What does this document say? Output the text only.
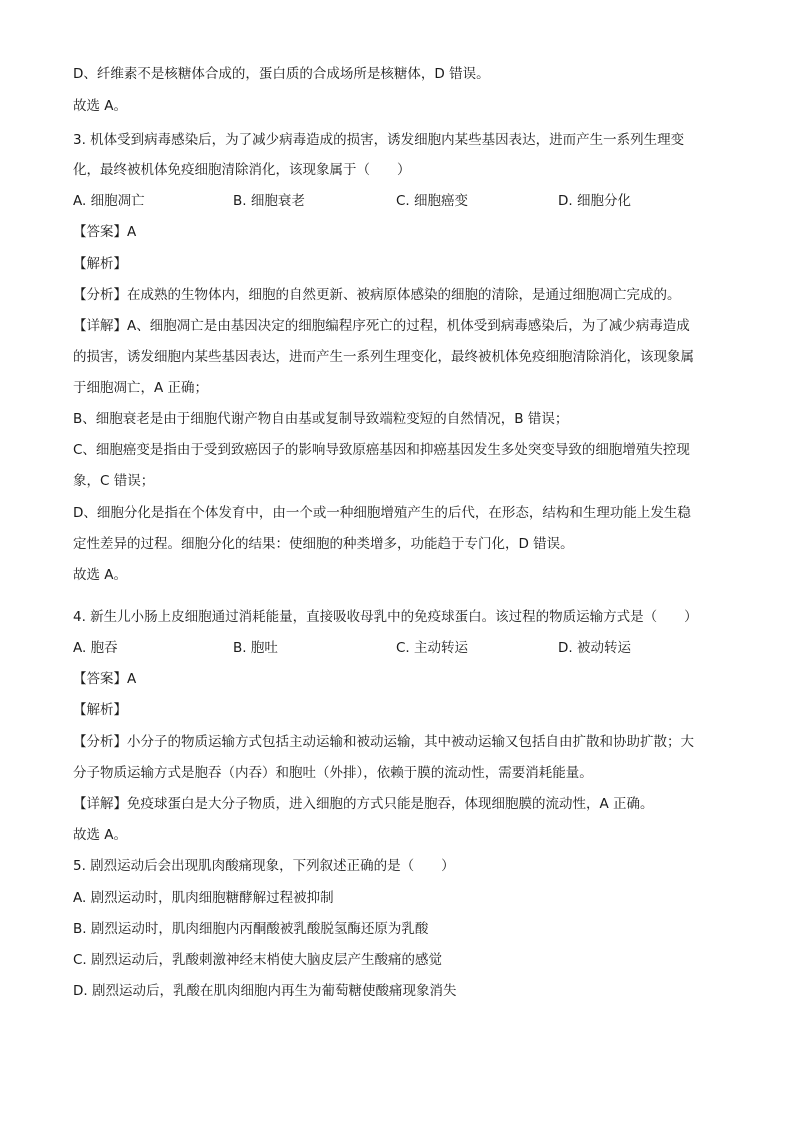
D、纤维素不是核糖体合成的，蛋白质的合成场所是核糖体，D 错误。
故选 A。
3. 机体受到病毒感染后，为了减少病毒造成的损害，诱发细胞内某些基因表达，进而产生一系列生理变
化，最终被机体免疫细胞清除消化，该现象属于（　　）
A. 细胞凋亡	B. 细胞衰老	C. 细胞癌变	D. 细胞分化
【答案】A
【解析】
【分析】在成熟的生物体内，细胞的自然更新、被病原体感染的细胞的清除，是通过细胞凋亡完成的。
【详解】A、细胞凋亡是由基因决定的细胞编程序死亡的过程，机体受到病毒感染后，为了减少病毒造成
的损害，诱发细胞内某些基因表达，进而产生一系列生理变化，最终被机体免疫细胞清除消化，该现象属
于细胞凋亡，A 正确；
B、细胞衰老是由于细胞代谢产物自由基或复制导致端粒变短的自然情况，B 错误；
C、细胞癌变是指由于受到致癌因子的影响导致原癌基因和抑癌基因发生多处突变导致的细胞增殖失控现
象，C 错误；
D、细胞分化是指在个体发育中，由一个或一种细胞增殖产生的后代，在形态，结构和生理功能上发生稳
定性差异的过程。细胞分化的结果：使细胞的种类增多，功能趋于专门化，D 错误。
故选 A。
4. 新生儿小肠上皮细胞通过消耗能量，直接吸收母乳中的免疫球蛋白。该过程的物质运输方式是（　　）
A. 胞吞	B. 胞吐	C. 主动转运	D. 被动转运
【答案】A
【解析】
【分析】小分子的物质运输方式包括主动运输和被动运输，其中被动运输又包括自由扩散和协助扩散；大
分子物质运输方式是胞吞（内吞）和胞吐（外排），依赖于膜的流动性，需要消耗能量。
【详解】免疫球蛋白是大分子物质，进入细胞的方式只能是胞吞，体现细胞膜的流动性，A 正确。
故选 A。
5. 剧烈运动后会出现肌肉酸痛现象，下列叙述正确的是（　　）
A. 剧烈运动时，肌肉细胞糖酵解过程被抑制
B. 剧烈运动时，肌肉细胞内丙酮酸被乳酸脱氢酶还原为乳酸
C. 剧烈运动后，乳酸刺激神经末梢使大脑皮层产生酸痛的感觉
D. 剧烈运动后，乳酸在肌肉细胞内再生为葡萄糖使酸痛现象消失
